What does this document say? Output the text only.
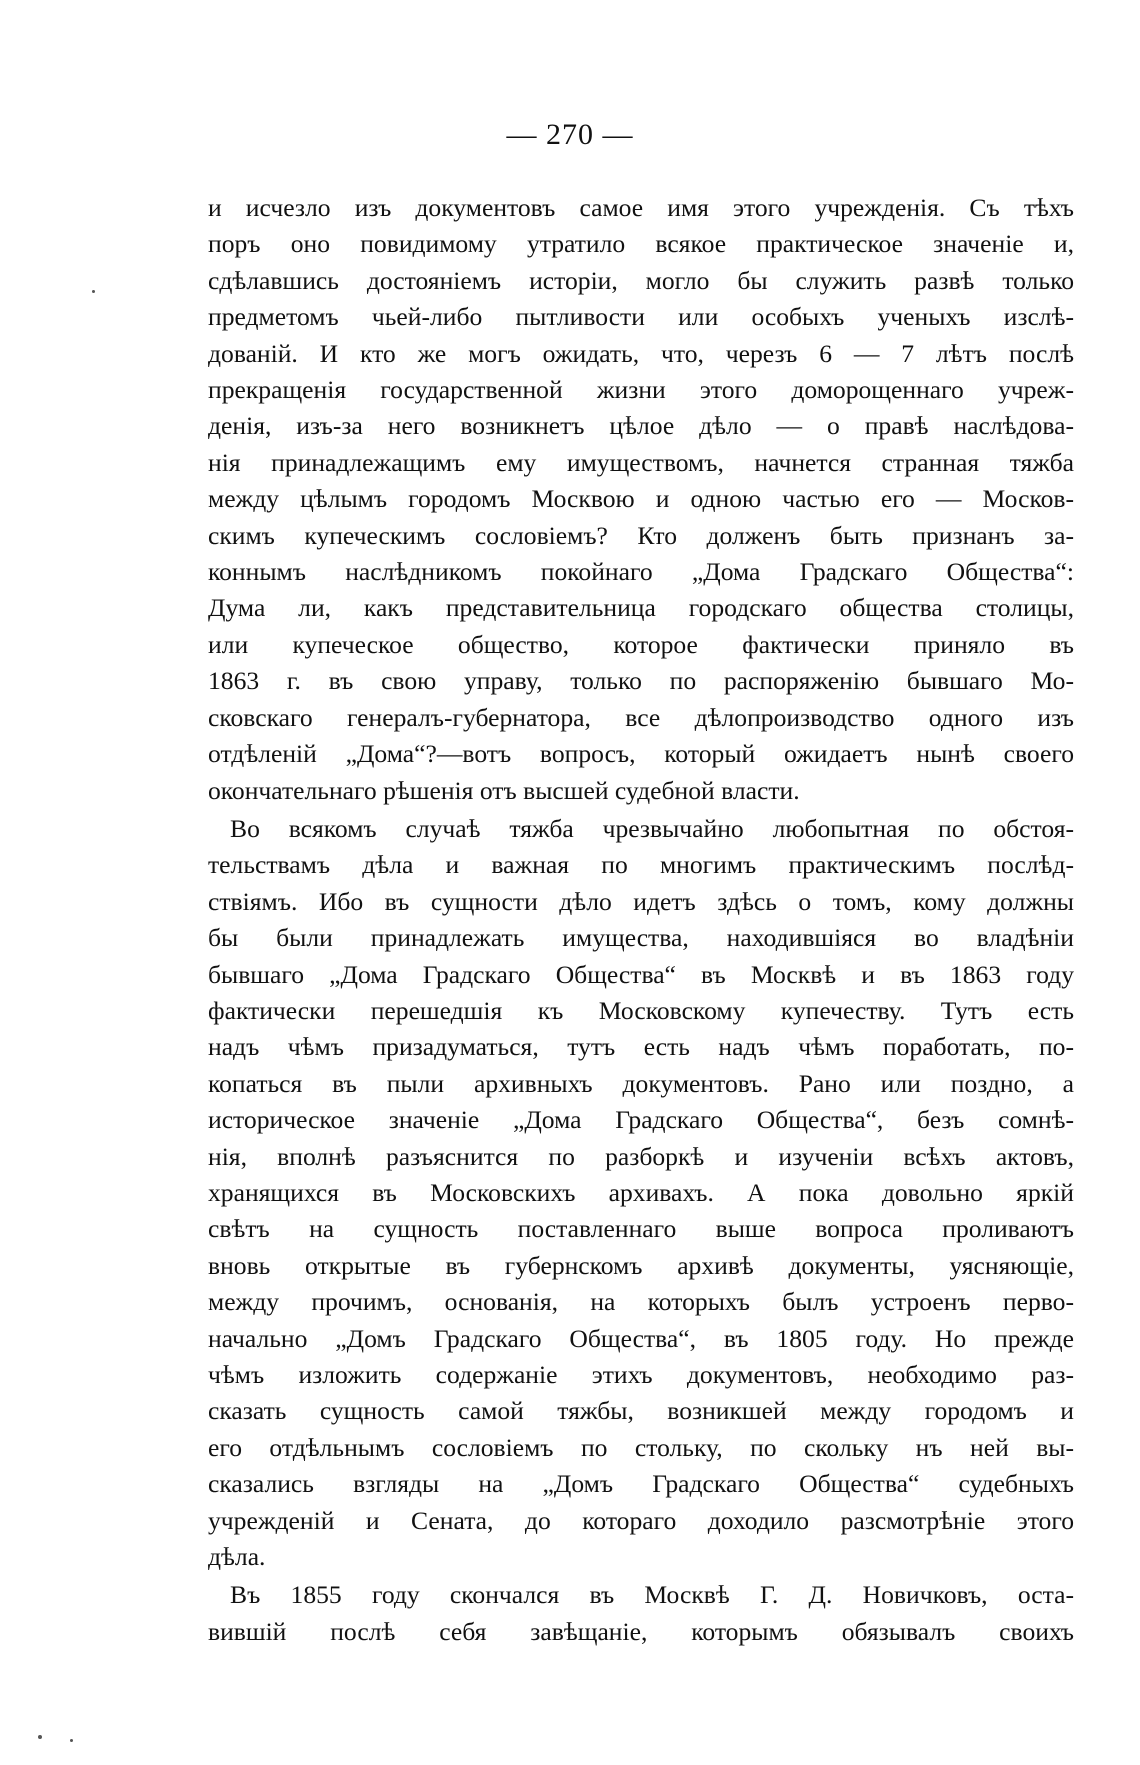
— 270 —
и исчезло изъ документовъ самое имя этого учрежденія. Съ тѣхъ
поръ оно повидимому утратило всякое практическое значеніе и,
сдѣлавшись достояніемъ исторіи, могло бы служить развѣ только
предметомъ чьей-либо пытливости или особыхъ ученыхъ изслѣ-
дованій. И кто же могъ ожидать, что, черезъ 6 — 7 лѣтъ послѣ
прекращенія государственной жизни этого доморощеннаго учреж-
денія, изъ-за него возникнетъ цѣлое дѣло — о правѣ наслѣдова-
нія принадлежащимъ ему имуществомъ, начнется странная тяжба
между цѣлымъ городомъ Москвою и одною частью его — Москов-
скимъ купеческимъ сословіемъ? Кто долженъ быть признанъ за-
коннымъ наслѣдникомъ покойнаго „Дома Градскаго Общества“:
Дума ли, какъ представительница городскаго общества столицы,
или купеческое общество, которое фактически приняло въ
1863 г. въ свою управу, только по распоряженію бывшаго Мо-
сковскаго генералъ-губернатора, все дѣлопроизводство одного изъ
отдѣленій „Дома“?—вотъ вопросъ, который ожидаетъ нынѣ своего
окончательнаго рѣшенія отъ высшей судебной власти.
Во всякомъ случаѣ тяжба чрезвычайно любопытная по обстоя-
тельствамъ дѣла и важная по многимъ практическимъ послѣд-
ствіямъ. Ибо въ сущности дѣло идетъ здѣсь о томъ, кому должны
бы были принадлежать имущества, находившіяся во владѣніи
бывшаго „Дома Градскаго Общества“ въ Москвѣ и въ 1863 году
фактически перешедшія къ Московскому купечеству. Тутъ есть
надъ чѣмъ призадуматься, тутъ есть надъ чѣмъ поработать, по-
копаться въ пыли архивныхъ документовъ. Рано или поздно, а
историческое значеніе „Дома Градскаго Общества“, безъ сомнѣ-
нія, вполнѣ разъяснится по разборкѣ и изученіи всѣхъ актовъ,
хранящихся въ Московскихъ архивахъ. А пока довольно яркій
свѣтъ на сущность поставленнаго выше вопроса проливаютъ
вновь открытые въ губернскомъ архивѣ документы, уясняющіе,
между прочимъ, основанія, на которыхъ былъ устроенъ перво-
начально „Домъ Градскаго Общества“, въ 1805 году. Но прежде
чѣмъ изложить содержаніе этихъ документовъ, необходимо раз-
сказать сущность самой тяжбы, возникшей между городомъ и
его отдѣльнымъ сословіемъ по стольку, по скольку нъ ней вы-
сказались взгляды на „Домъ Градскаго Общества“ судебныхъ
учрежденій и Сената, до котораго доходило разсмотрѣніе этого
дѣла.
Въ 1855 году скончался въ Москвѣ Г. Д. Новичковъ, оста-
вившій послѣ себя завѣщаніе, которымъ обязывалъ своихъ
